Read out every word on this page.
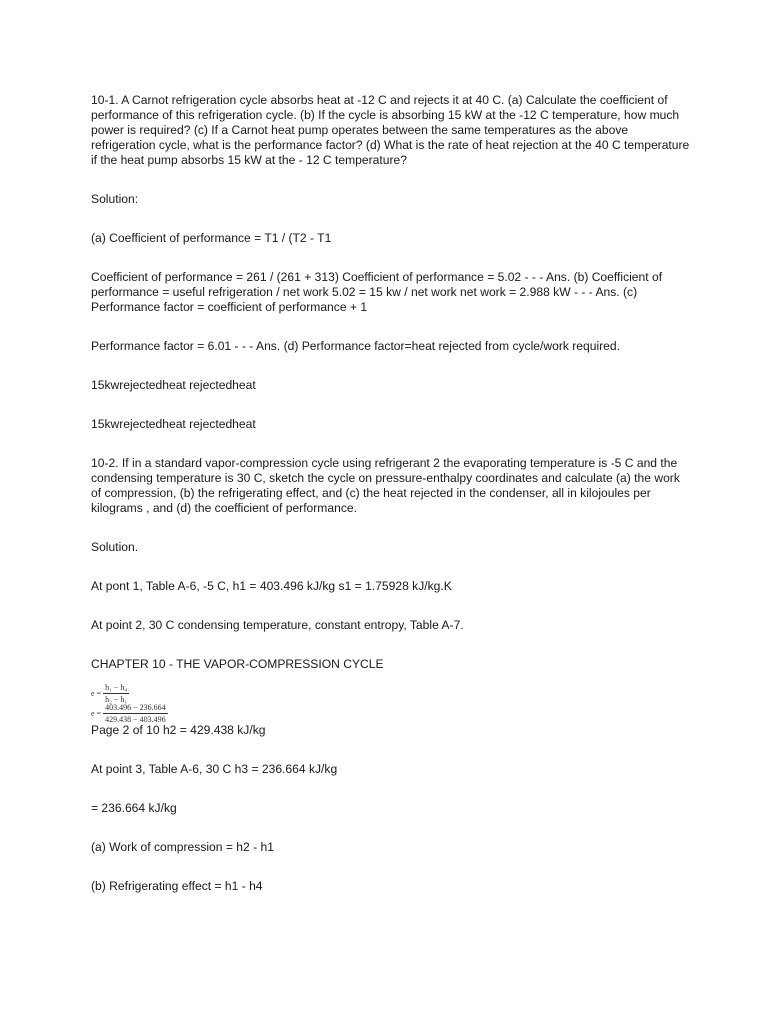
10-1. A Carnot refrigeration cycle absorbs heat at -12 C and rejects it at 40 C. (a) Calculate the coefficient of performance of this refrigeration cycle. (b) If the cycle is absorbing 15 kW at the -12 C temperature, how much power is required? (c) If a Carnot heat pump operates between the same temperatures as the above refrigeration cycle, what is the performance factor? (d) What is the rate of heat rejection at the 40 C temperature if the heat pump absorbs 15 kW at the - 12 C temperature?

Solution:

(a) Coefficient of performance = T1 / (T2 - T1

Coefficient of performance = 261 / (261 + 313) Coefficient of performance = 5.02 - - - Ans. (b) Coefficient of performance = useful refrigeration / net work 5.02 = 15 kw / net work net work = 2.988 kW - - - Ans. (c) Performance factor = coefficient of performance + 1

Performance factor = 6.01 - - - Ans. (d) Performance factor=heat rejected from cycle/work required.

15kwrejectedheat rejectedheat

15kwrejectedheat rejectedheat

10-2. If in a standard vapor-compression cycle using refrigerant 2 the evaporating temperature is -5 C and the condensing temperature is 30 C, sketch the cycle on pressure-enthalpy coordinates and calculate (a) the work of compression, (b) the refrigerating effect, and (c) the heat rejected in the condenser, all in kilojoules per kilograms , and (d) the coefficient of performance.

Solution.

At pont 1, Table A-6, -5 C, h1 = 403.496 kJ/kg s1 = 1.75928 kJ/kg.K

At point 2, 30 C condensing temperature, constant entropy, Table A-7.

CHAPTER 10 - THE VAPOR-COMPRESSION CYCLE

$e = \frac{\text{h₁ − h₄}}{\text{h₂ − h₁}}$
$e = \frac{403.496 - 236.664}{429.438 - 403.496}$

Page 2 of 10 h2 = 429.438 kJ/kg

At point 3, Table A-6, 30 C h3 = 236.664 kJ/kg

= 236.664 kJ/kg

(a) Work of compression = h2 - h1

(b) Refrigerating effect = h1 - h4
